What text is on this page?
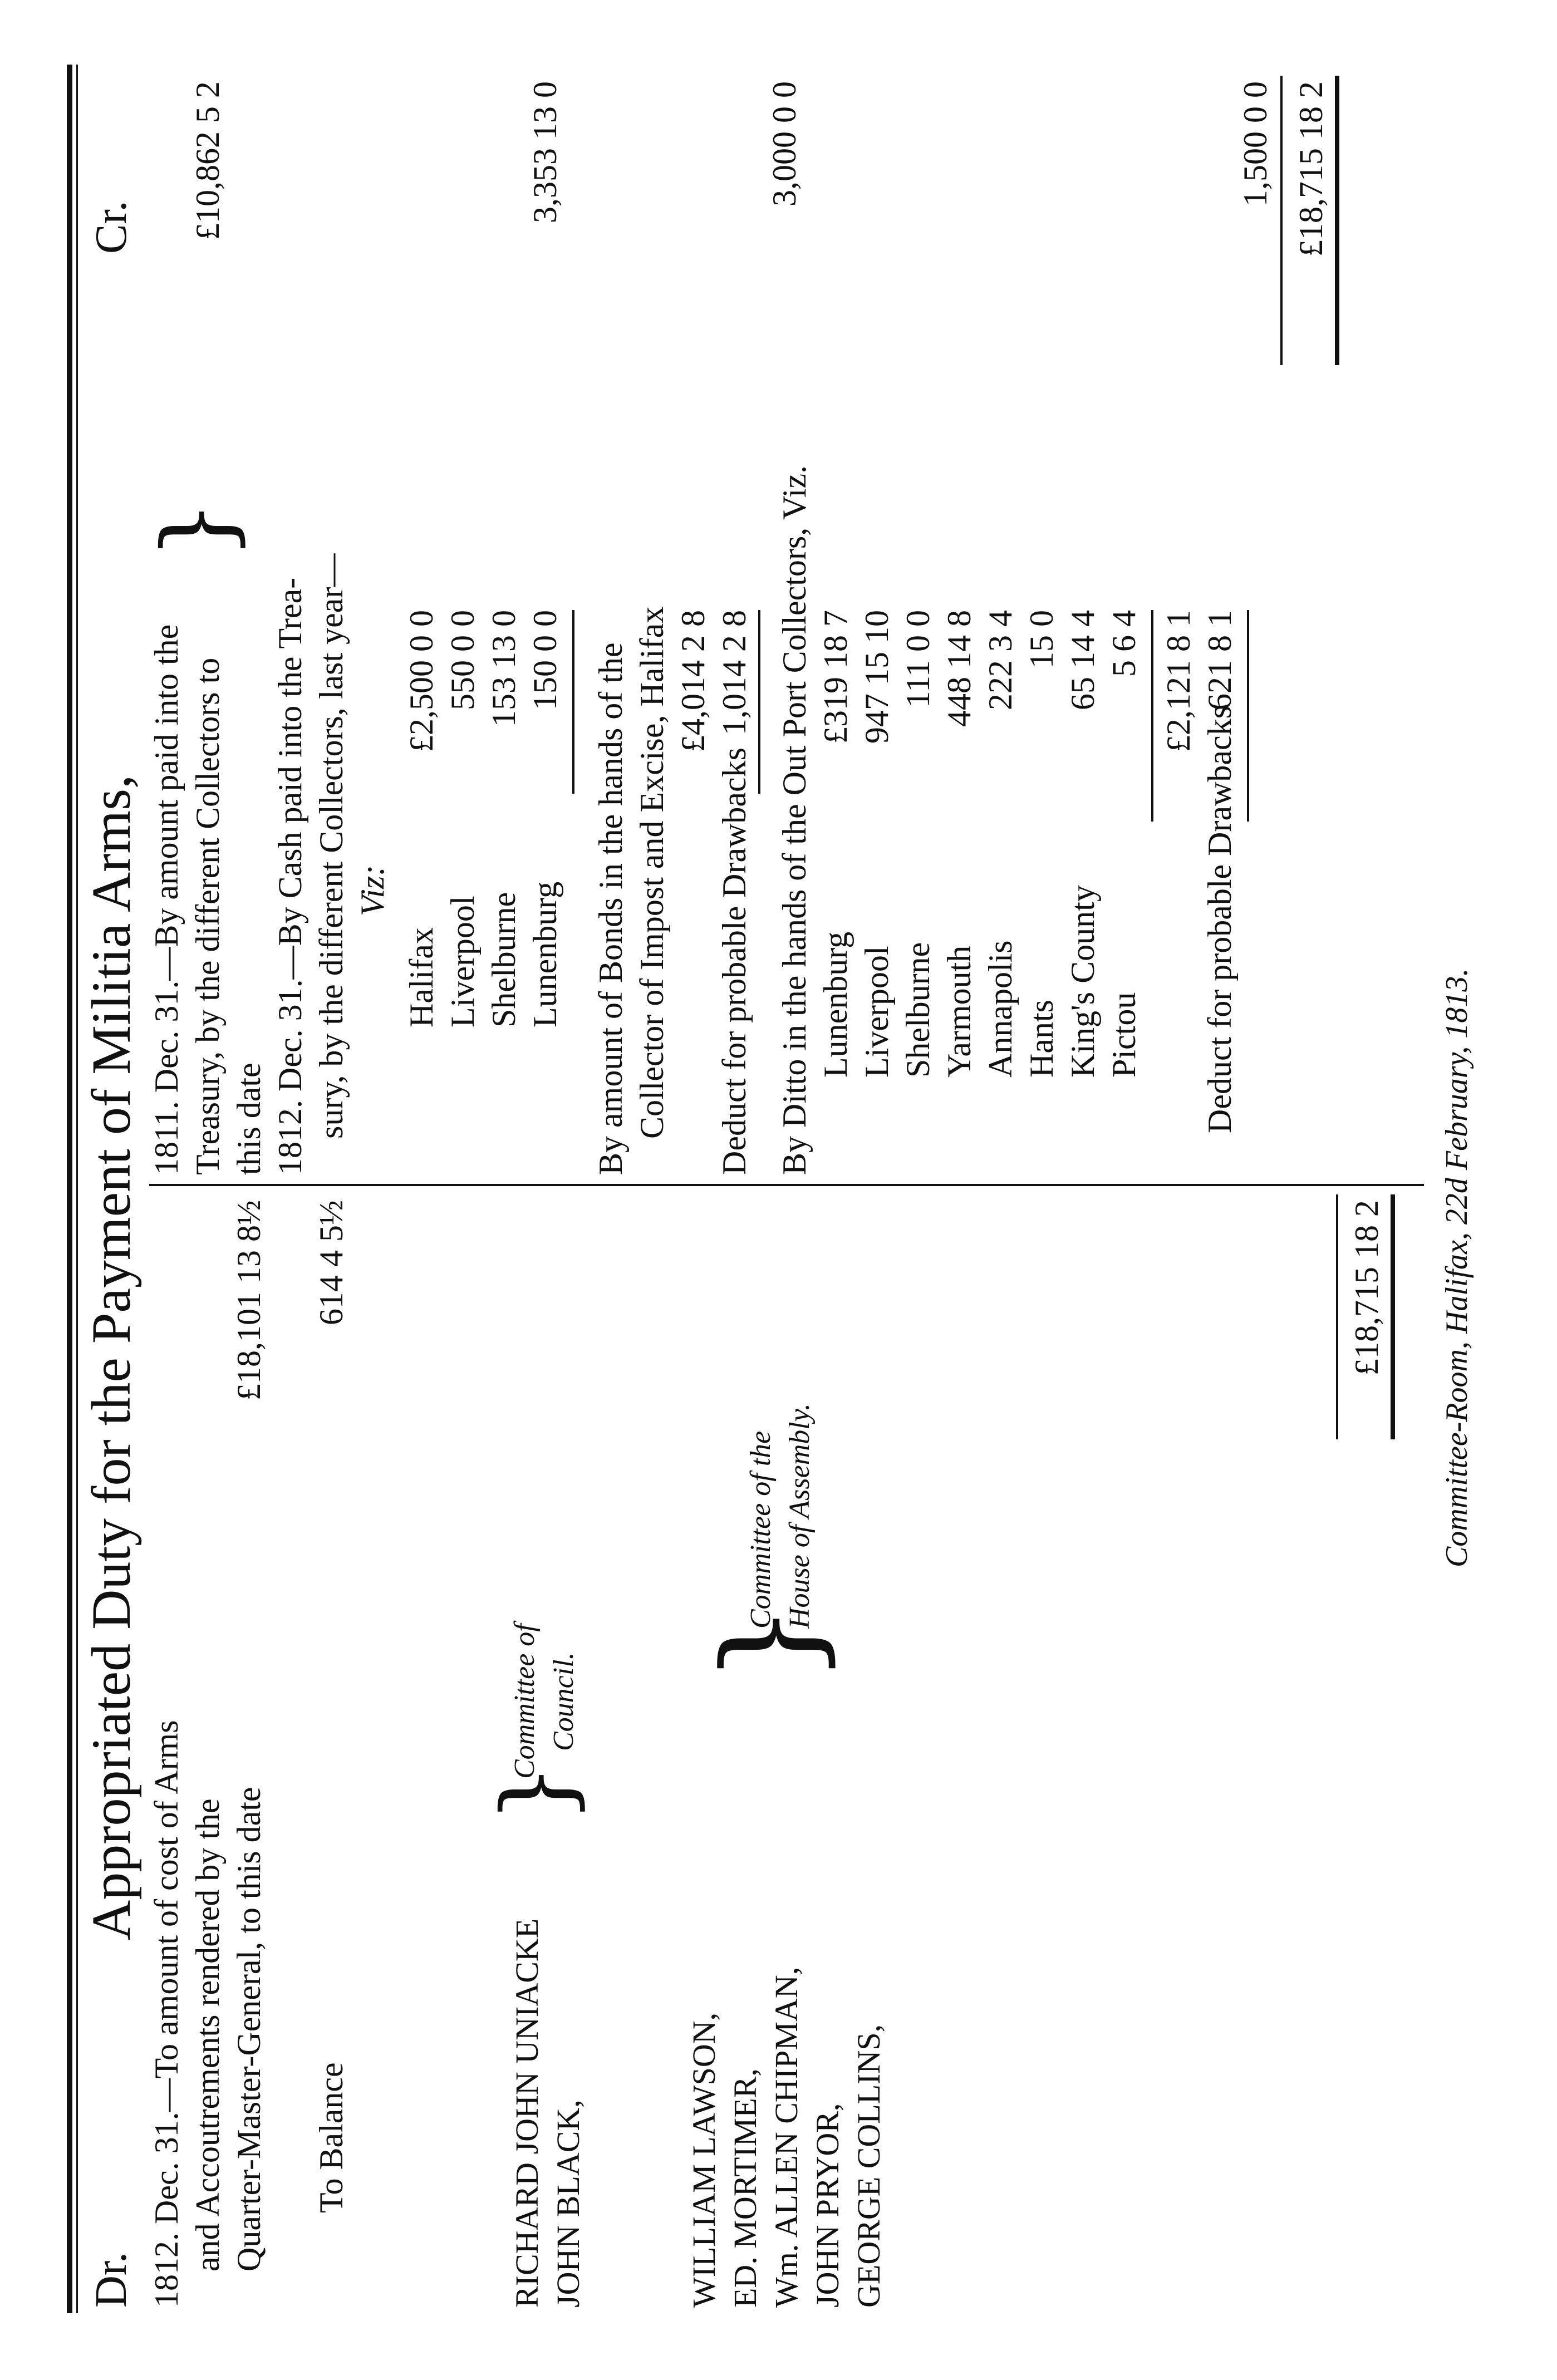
Dr.
Appropriated Duty for the Payment of Militia Arms,
Cr.
1812. Dec. 31.—To amount of cost of Arms and Accoutrements rendered by the Quarter-Master-General, to this date
£18,101 13 8½
To Balance
614 4 5½	£18,715 18 2
RICHARD JOHN UNIACKE JOHN BLACK,
}
Committee of Council.
WILLIAM LAWSON, ED. MORTIMER, Wm. ALLEN CHIPMAN, JOHN PRYOR, GEORGE COLLINS,
}
Committee of the House of Assembly.
1811. Dec. 31.—By amount paid into the Treasury, by the different Collectors to this date
}
£10,862 5 2
1812. Dec. 31.—By Cash paid into the Trea- sury, by the different Collectors, last year— Viz:
Halifax
£2,500 0 0
Liverpool
550 0 0
Shelburne
153 13 0
Lunenburg
150 0 0
3,353 13 0
By amount of Bonds in the hands of the Collector of Impost and Excise, Halifax £4,014 2 8
Deduct for probable Drawbacks
1,014 2 8
3,000 0 0
By Ditto in the hands of the Out Port Collectors, Viz. Lunenburg
£319 18 7
Liverpool
947 15 10
Shelburne
111 0 0
Yarmouth
448 14 8
Annapolis
222 3 4
Hants
15 0
King's County
65 14 4
Pictou
5 6 4 £2,121 8 1
Deduct for probable Drawbacks
621 8 1
1,500 0 0 £18,715 18 2
Committee-Room, Halifax, 22d February, 1813.
